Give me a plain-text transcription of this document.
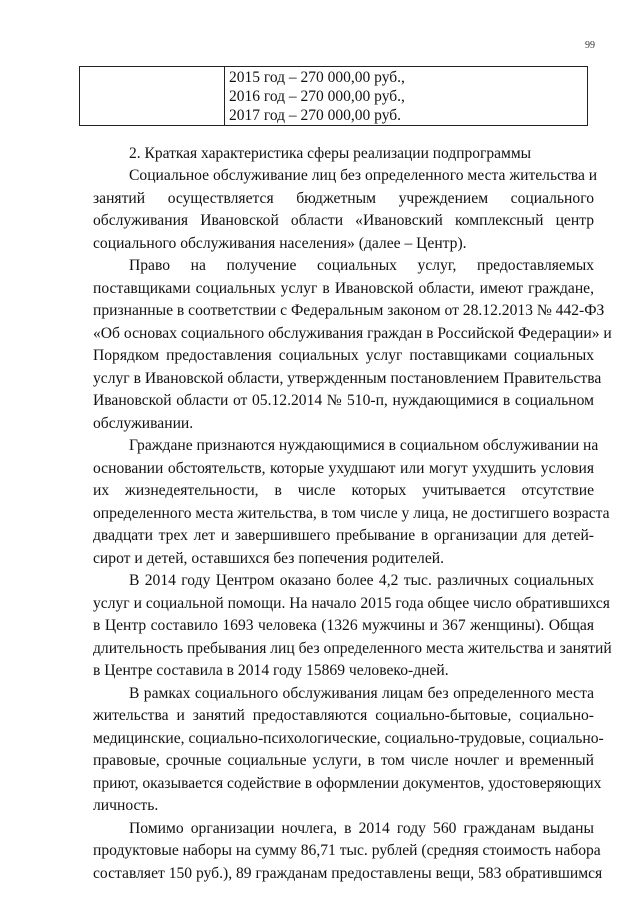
99
2015 год – 270 000,00 руб.,
2016 год – 270 000,00 руб.,
2017 год – 270 000,00 руб.
2. Краткая характеристика сферы реализации подпрограммы

Социальное обслуживание лиц без определенного места жительства и

занятий осуществляется бюджетным учреждением социального

обслуживания Ивановской области «Ивановский комплексный центр

социального обслуживания населения» (далее – Центр).

Право на получение социальных услуг, предоставляемых

поставщиками социальных услуг в Ивановской области, имеют граждане,

признанные в соответствии с Федеральным законом от 28.12.2013 № 442-ФЗ

«Об основах социального обслуживания граждан в Российской Федерации» и

Порядком предоставления социальных услуг поставщиками социальных

услуг в Ивановской области, утвержденным постановлением Правительства

Ивановской области от 05.12.2014 № 510-п, нуждающимися в социальном

обслуживании.

Граждане признаются нуждающимися в социальном обслуживании на

основании обстоятельств, которые ухудшают или могут ухудшить условия

их жизнедеятельности, в числе которых учитывается отсутствие

определенного места жительства, в том числе у лица, не достигшего возраста

двадцати трех лет и завершившего пребывание в организации для детей-

сирот и детей, оставшихся без попечения родителей.

В 2014 году Центром оказано более 4,2 тыс. различных социальных

услуг и социальной помощи. На начало 2015 года общее число обратившихся

в Центр составило 1693 человека (1326 мужчины и 367 женщины). Общая

длительность пребывания лиц без определенного места жительства и занятий

в Центре составила в 2014 году 15869 человеко-дней.

В рамках социального обслуживания лицам без определенного места

жительства и занятий предоставляются социально-бытовые, социально-

медицинские, социально-психологические, социально-трудовые, социально-

правовые, срочные социальные услуги, в том числе ночлег и временный

приют, оказывается содействие в оформлении документов, удостоверяющих

личность.

Помимо организации ночлега, в 2014 году 560 гражданам выданы

продуктовые наборы на сумму 86,71 тыс. рублей (средняя стоимость набора

составляет 150 руб.), 89 гражданам предоставлены вещи, 583 обратившимся
